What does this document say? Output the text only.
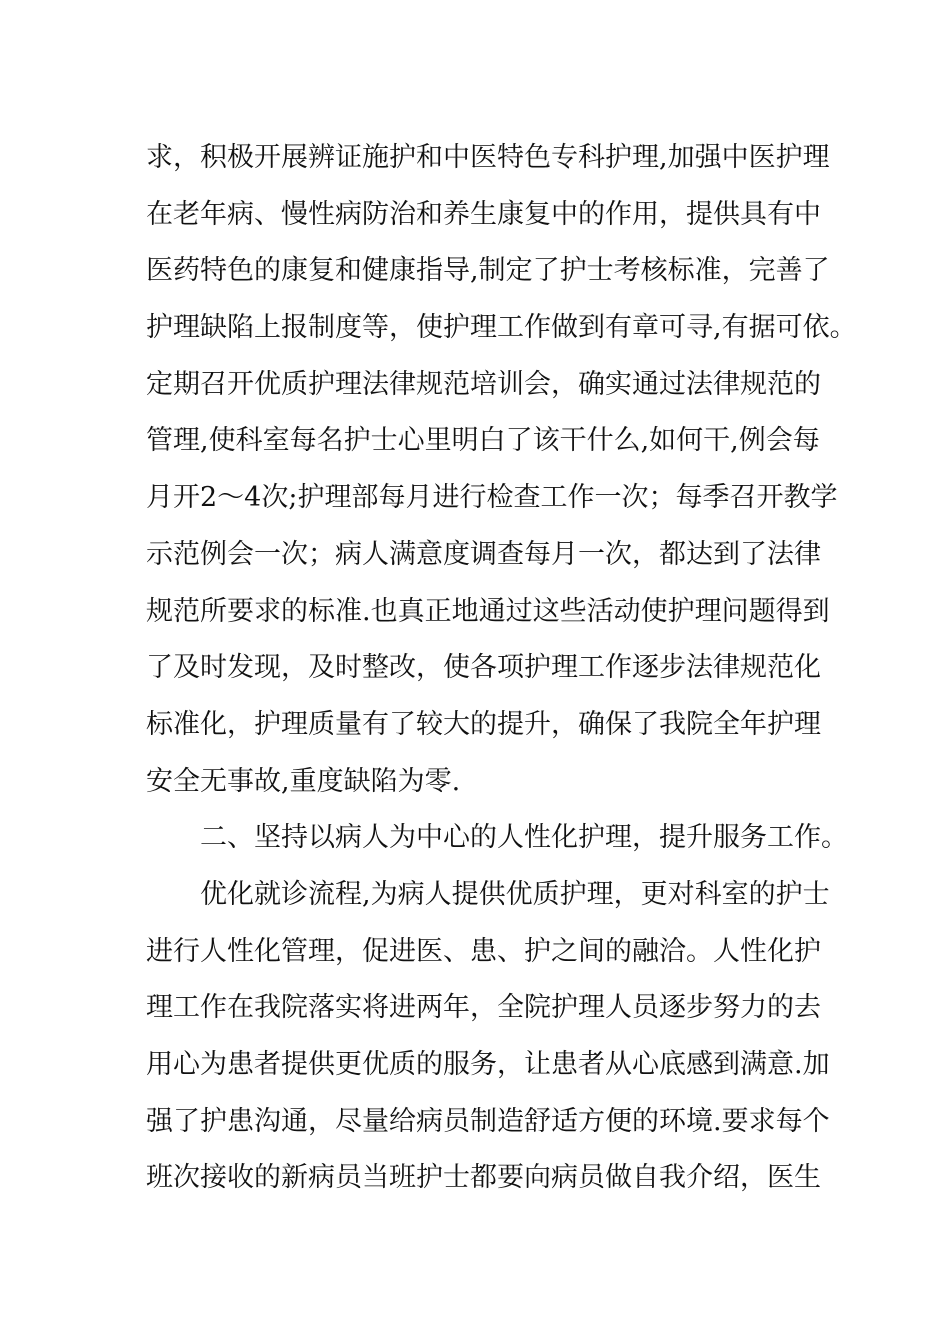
求，积极开展辨证施护和中医特色专科护理,加强中医护理
在老年病、慢性病防治和养生康复中的作用，提供具有中
医药特色的康复和健康指导,制定了护士考核标准，完善了
护理缺陷上报制度等，使护理工作做到有章可寻,有据可依。
定期召开优质护理法律规范培训会，确实通过法律规范的
管理,使科室每名护士心里明白了该干什么,如何干,例会每
月开2～4次;护理部每月进行检查工作一次；每季召开教学
示范例会一次；病人满意度调查每月一次，都达到了法律
规范所要求的标准.也真正地通过这些活动使护理问题得到
了及时发现，及时整改，使各项护理工作逐步法律规范化
标准化，护理质量有了较大的提升，确保了我院全年护理
安全无事故,重度缺陷为零.
二、坚持以病人为中心的人性化护理，提升服务工作。
优化就诊流程,为病人提供优质护理，更对科室的护士
进行人性化管理，促进医、患、护之间的融洽。人性化护
理工作在我院落实将进两年，全院护理人员逐步努力的去
用心为患者提供更优质的服务，让患者从心底感到满意.加
强了护患沟通，尽量给病员制造舒适方便的环境.要求每个
班次接收的新病员当班护士都要向病员做自我介绍，医生
